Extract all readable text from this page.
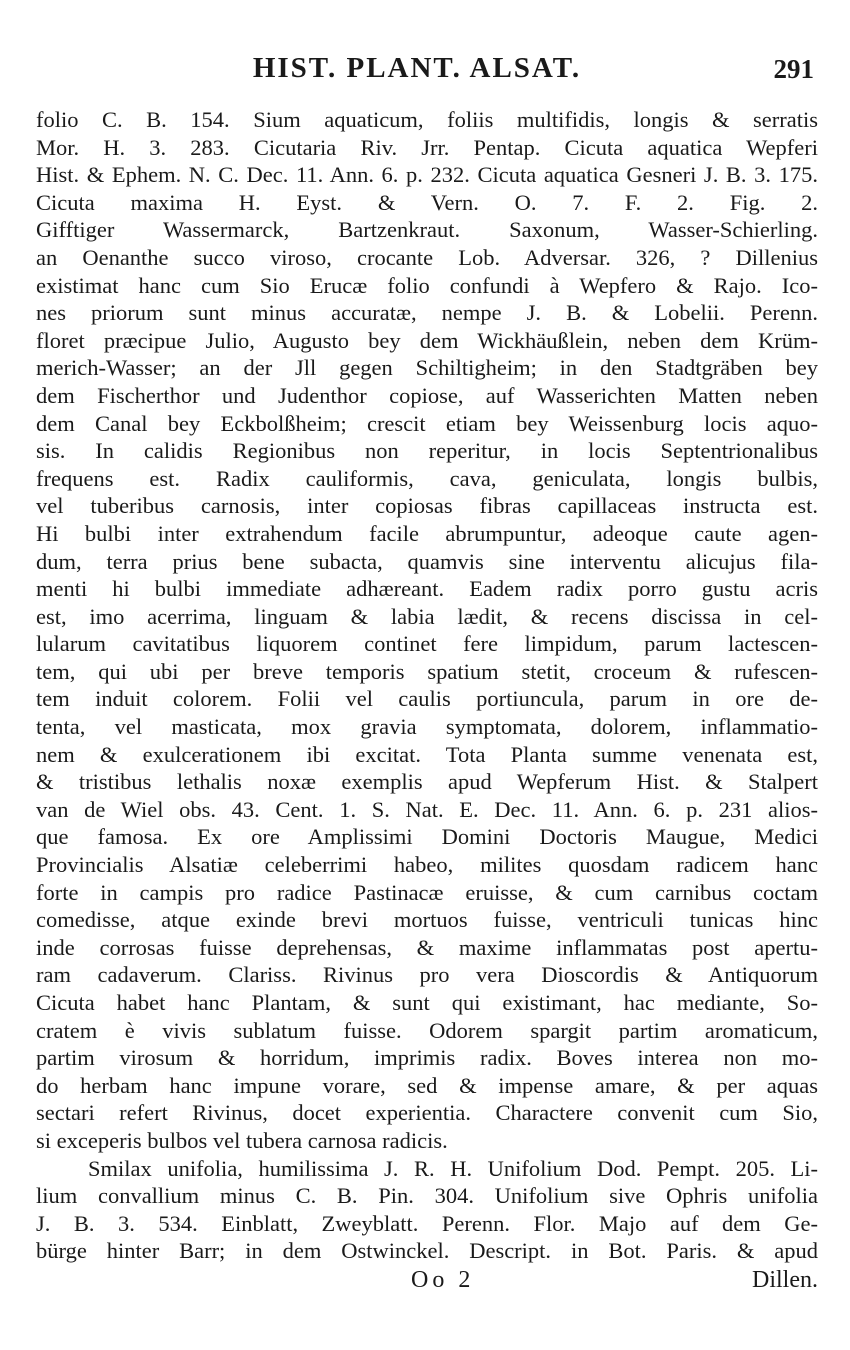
HIST. PLANT. ALSAT.	291
folio C. B. 154. Sium aquaticum, foliis multifidis, longis & serratis
Mor. H. 3. 283. Cicutaria Riv. Jrr. Pentap. Cicuta aquatica Wepferi
Hist. & Ephem. N. C. Dec. 11. Ann. 6. p. 232. Cicuta aquatica Gesneri J. B. 3. 175. Cicuta maxima H. Eyst. & Vern. O. 7. F. 2. Fig. 2.
Gifftiger Wassermarck, Bartzenkraut. Saxonum, Wasser-Schierling.
an Oenanthe succo viroso, crocante Lob. Adversar. 326, ? Dillenius
existimat hanc cum Sio Erucæ folio confundi à Wepfero & Rajo. Ico-
nes priorum sunt minus accuratæ, nempe J. B. & Lobelii. Perenn.
floret præcipue Julio, Augusto bey dem Wickhäußlein, neben dem Krüm-
merich-Wasser; an der Jll gegen Schiltigheim; in den Stadtgräben bey
dem Fischerthor und Judenthor copiose, auf Wasserichten Matten neben
dem Canal bey Eckbolßheim; crescit etiam bey Weissenburg locis aquo-
sis. In calidis Regionibus non reperitur, in locis Septentrionalibus
frequens est. Radix cauliformis, cava, geniculata, longis bulbis,
vel tuberibus carnosis, inter copiosas fibras capillaceas instructa est.
Hi bulbi inter extrahendum facile abrumpuntur, adeoque caute agen-
dum, terra prius bene subacta, quamvis sine interventu alicujus fila-
menti hi bulbi immediate adhæreant. Eadem radix porro gustu acris
est, imo acerrima, linguam & labia lædit, & recens discissa in cel-
lularum cavitatibus liquorem continet fere limpidum, parum lactescen-
tem, qui ubi per breve temporis spatium stetit, croceum & rufescen-
tem induit colorem. Folii vel caulis portiuncula, parum in ore de-
tenta, vel masticata, mox gravia symptomata, dolorem, inflammatio-
nem & exulcerationem ibi excitat. Tota Planta summe venenata est,
& tristibus lethalis noxæ exemplis apud Wepferum Hist. & Stalpert
van de Wiel obs. 43. Cent. 1. S. Nat. E. Dec. 11. Ann. 6. p. 231 alios-
que famosa. Ex ore Amplissimi Domini Doctoris Maugue, Medici
Provincialis Alsatiæ celeberrimi habeo, milites quosdam radicem hanc
forte in campis pro radice Pastinacæ eruisse, & cum carnibus coctam
comedisse, atque exinde brevi mortuos fuisse, ventriculi tunicas hinc
inde corrosas fuisse deprehensas, & maxime inflammatas post apertu-
ram cadaverum. Clariss. Rivinus pro vera Dioscordis & Antiquorum
Cicuta habet hanc Plantam, & sunt qui existimant, hac mediante, So-
cratem è vivis sublatum fuisse. Odorem spargit partim aromaticum,
partim virosum & horridum, imprimis radix. Boves interea non mo-
do herbam hanc impune vorare, sed & impense amare, & per aquas
sectari refert Rivinus, docet experientia. Charactere convenit cum Sio,
si exceperis bulbos vel tubera carnosa radicis.
Smilax unifolia, humilissima J. R. H. Unifolium Dod. Pempt. 205. Li-
lium convallium minus C. B. Pin. 304. Unifolium sive Ophris unifolia
J. B. 3. 534. Einblatt, Zweyblatt. Perenn. Flor. Majo auf dem Ge-
bürge hinter Barr; in dem Ostwinckel. Descript. in Bot. Paris. & apud
Oo 2	Dillen.
